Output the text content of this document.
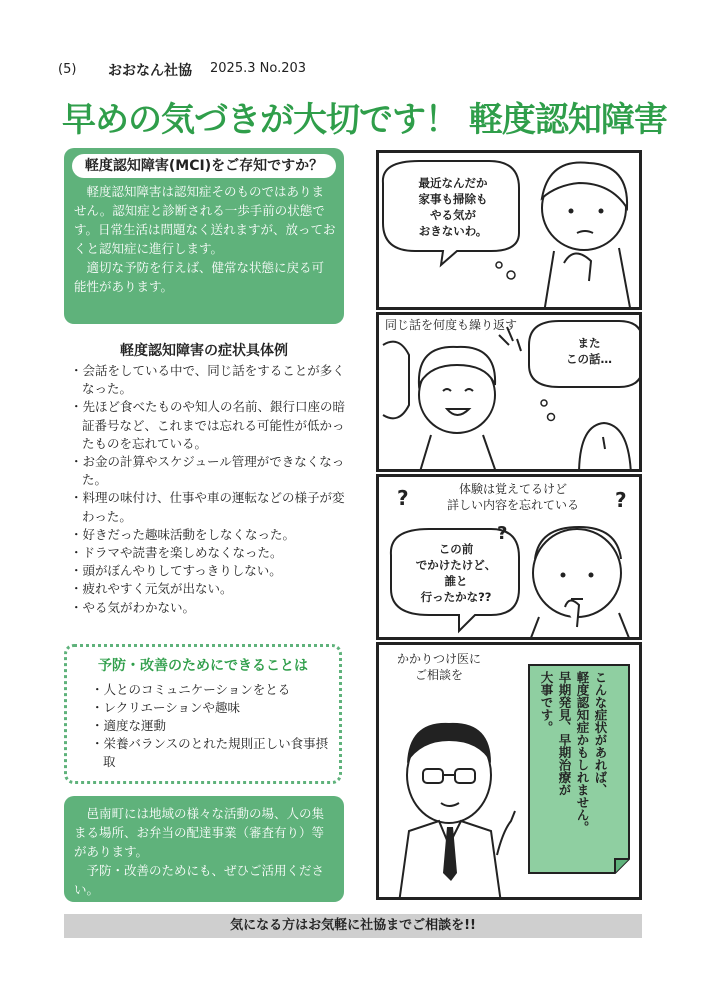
(5) おおなん社協 2025.3 No.203
早めの気づきが大切です！ 軽度認知障害
軽度認知障害(MCI)をご存知ですか？

軽度認知障害は認知症そのものではありません。認知症と診断される一歩手前の状態です。日常生活は問題なく送れますが、放っておくと認知症に進行します。

適切な予防を行えば、健常な状態に戻る可能性があります。

軽度認知障害の症状具体例
・ 会話をしている中で、同じ話をすることが多くなった。
・ 先ほど食べたものや知人の名前、銀行口座の暗証番号など、これまでは忘れる可能性が低かったものを忘れている。
・ お金の計算やスケジュール管理ができなくなった。
・ 料理の味付け、仕事や車の運転などの様子が変わった。
・ 好きだった趣味活動をしなくなった。
・ ドラマや読書を楽しめなくなった。
・ 頭がぼんやりしてすっきりしない。
・ 疲れやすく元気が出ない。
・ やる気がわかない。
予防・改善のためにできることは
・ 人とのコミュニケーションをとる
・ レクリエーションや趣味
・ 適度な運動
・ 栄養バランスのとれた規則正しい食事摂取

邑南町には地域の様々な活動の場、人の集まる場所、お弁当の配達事業（審査有り）等があります。

予防・改善のためにも、ぜひご活用ください。

気になる方はお気軽に社協までご相談を!!
最近なんだか
家事も掃除も
やる気が
おきないわ。
同じ話を何度も繰り返す
また
この話…
?
?
?
体験は覚えてるけど
詳しい内容を忘れている
この前
でかけたけど、
誰と
行ったかな??
かかりつけ医に
ご相談を	こんな症状があれば、
軽度認知症かもしれません。
早期発見、早期治療が
大事です。
